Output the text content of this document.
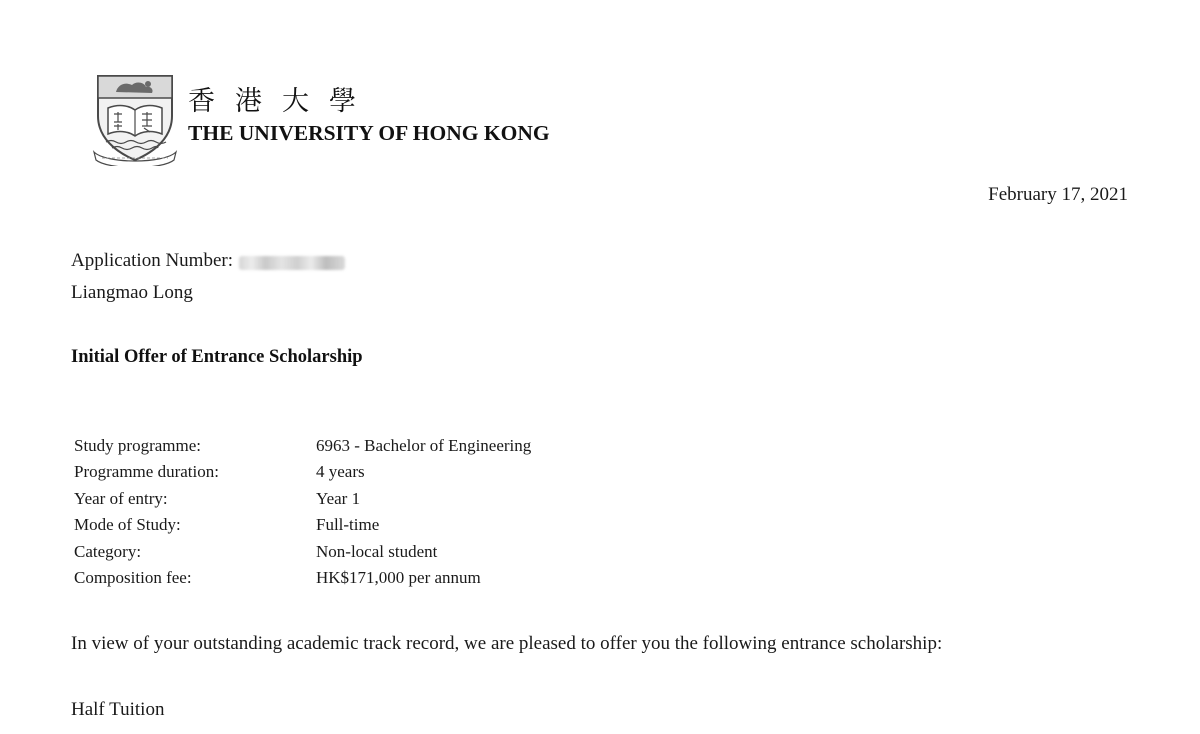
香港大學
THE UNIVERSITY OF HONG KONG
February 17, 2021
Application Number:
Liangmao Long
Initial Offer of Entrance Scholarship
Study programme:	6963 - Bachelor of Engineering
Programme duration:	4 years
Year of entry:	Year 1
Mode of Study:	Full-time
Category:	Non-local student
Composition fee:	HK$171,000 per annum
In view of your outstanding academic track record, we are pleased to offer you the following entrance scholarship:
Half Tuition
